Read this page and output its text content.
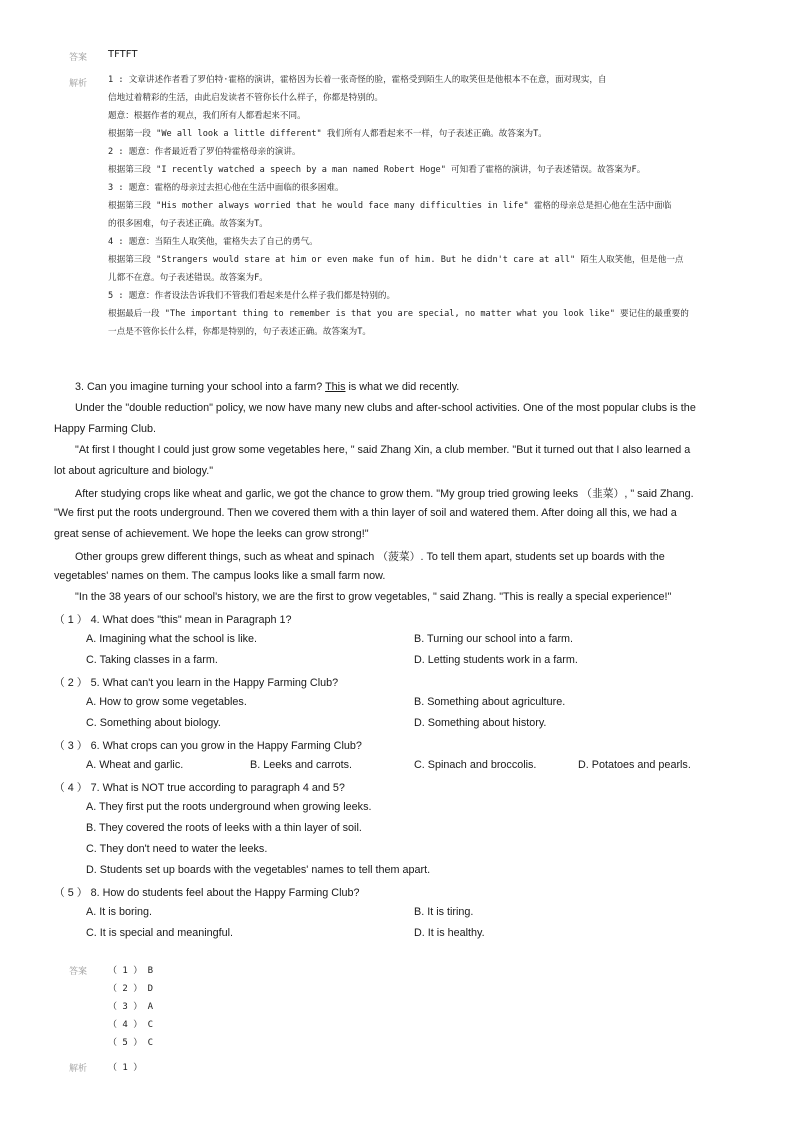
答案 TFTFT
解析 1 : 文章讲述作者看了罗伯特·霍格的演讲，霍格因为长着一张奇怪的脸，霍格受到陌生人的取笑但是他根本不在意，面对现实，自
信地过着精彩的生活，由此启发读者不管你长什么样子，你都是特别的。
题意：根据作者的观点，我们所有人都看起来不同。
根据第一段 "We all look a little different" 我们所有人都看起来不一样，句子表述正确。故答案为T。
2 : 题意：作者最近看了罗伯特霍格母亲的演讲。
根据第三段 "I recently watched a speech by a man named Robert Hoge" 可知看了霍格的演讲，句子表述错误。故答案为F。
3 : 题意：霍格的母亲过去担心他在生活中面临的很多困难。
根据第三段 "His mother always worried that he would face many difficulties in life" 霍格的母亲总是担心他在生活中面临
的很多困难，句子表述正确。故答案为T。
4 : 题意：当陌生人取笑他，霍格失去了自己的勇气。
根据第三段 "Strangers would stare at him or even make fun of him. But he didn't care at all" 陌生人取笑他，但是他一点
儿都不在意。句子表述错误。故答案为F。
5 : 题意：作者设法告诉我们不管我们看起来是什么样子我们都是特别的。
根据最后一段 "The important thing to remember is that you are special, no matter what you look like" 要记住的最重要的
一点是不管你长什么样，你都是特别的，句子表述正确。故答案为T。
3. Can you imagine turning your school into a farm? This is what we did recently.
Under the "double reduction" policy, we now have many new clubs and after-school activities. One of the most popular clubs is the
Happy Farming Club.
"At first I thought I could just grow some vegetables here, " said Zhang Xin, a club member. "But it turned out that I also learned a
lot about agriculture and biology."
After studying crops like wheat and garlic, we got the chance to grow them. "My group tried growing leeks （韭菜）, " said Zhang.
"We first put the roots underground. Then we covered them with a thin layer of soil and watered them. After doing all this, we had a
great sense of achievement. We hope the leeks can grow strong!"
Other groups grew different things, such as wheat and spinach （菠菜）. To tell them apart, students set up boards with the
vegetables' names on them. The campus looks like a small farm now.
"In the 38 years of our school's history, we are the first to grow vegetables, " said Zhang. "This is really a special experience!"
（ 1 ） 4. What does "this" mean in Paragraph 1?
A. Imagining what the school is like.	B. Turning our school into a farm.
C. Taking classes in a farm.	D. Letting students work in a farm.
（ 2 ） 5. What can't you learn in the Happy Farming Club?
A. How to grow some vegetables.	B. Something about agriculture.
C. Something about biology.	D. Something about history.
（ 3 ） 6. What crops can you grow in the Happy Farming Club?
A. Wheat and garlic.	B. Leeks and carrots.	C. Spinach and broccolis.	D. Potatoes and pearls.
（ 4 ） 7. What is NOT true according to paragraph 4 and 5?
A. They first put the roots underground when growing leeks.
B. They covered the roots of leeks with a thin layer of soil.
C. They don't need to water the leeks.
D. Students set up boards with the vegetables' names to tell them apart.
（ 5 ） 8. How do students feel about the Happy Farming Club?
A. It is boring.	B. It is tiring.
C. It is special and meaningful.	D. It is healthy.
答案 （ 1 ） B
（ 2 ） D
（ 3 ） A
（ 4 ） C
（ 5 ） C
解析 （ 1 ）
